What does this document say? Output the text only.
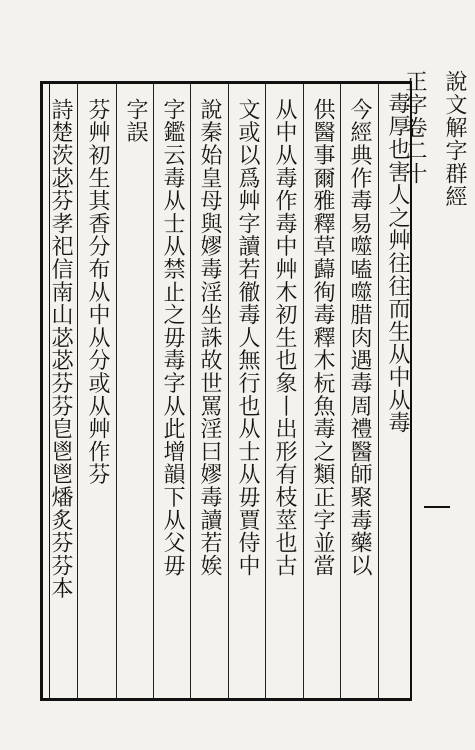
說文解字群經正字卷二十
毒厚也害人之艸往往而生从中从毒
今經典作毒易噬嗑噬腊肉遇毒周禮醫師聚毒藥以
供醫事爾雅釋草蘬徇毒釋木杬魚毒之類正字並當
从中从毒作毒中艸木初生也象丨出形有枝莖也古
文或以爲艸字讀若徹毒人無行也从士从毋賈侍中
說秦始皇母與嫪毒淫坐誅故世罵淫曰嫪毒讀若娭
字鑑云毒从士从禁止之毋毒字从此增韻下从父毋
字誤
芬艸初生其香分布从中从分或从艸作芬
詩楚茨苾芬孝祀信南山苾苾芬芬皀鬯鬯燔炙芬芬本
